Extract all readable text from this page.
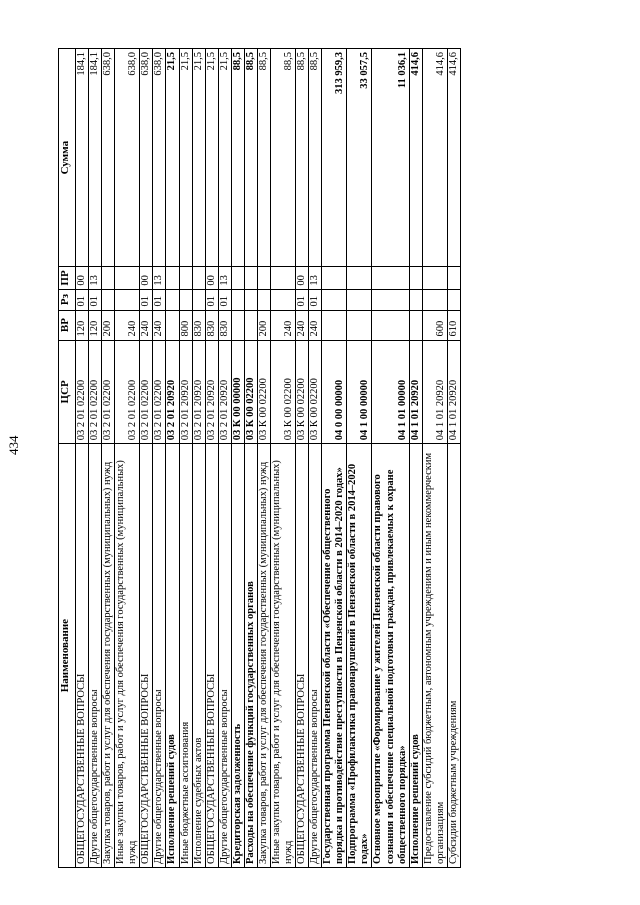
434
Наименование	ЦСР	ВР	Рз	ПР	Сумма
ОБЩЕГОСУДАРСТВЕННЫЕ ВОПРОСЫ	03 2 01 02200	120	01	00	184,1
Другие общегосударственные вопросы	03 2 01 02200	120	01	13	184,1
Закупка товаров, работ и услуг для обеспечения государственных (муниципальных) нужд	03 2 01 02200	200			638,0
Иные закупки товаров, работ и услуг для обеспечения государственных (муниципальных) нужд	03 2 01 02200	240			638,0
ОБЩЕГОСУДАРСТВЕННЫЕ ВОПРОСЫ	03 2 01 02200	240	01	00	638,0
Другие общегосударственные вопросы	03 2 01 02200	240	01	13	638,0
Исполнение решений судов	03 2 01 20920				21,5
Иные бюджетные ассигнования	03 2 01 20920	800			21,5
Исполнение судебных актов	03 2 01 20920	830			21,5
ОБЩЕГОСУДАРСТВЕННЫЕ ВОПРОСЫ	03 2 01 20920	830	01	00	21,5
Другие общегосударственные вопросы	03 2 01 20920	830	01	13	21,5
Кредиторская задолженность	03 К 00 00000				88,5
Расходы на обеспечение функций государственных органов	03 К 00 02200				88,5
Закупка товаров, работ и услуг для обеспечения государственных (муниципальных) нужд	03 К 00 02200	200			88,5
Иные закупки товаров, работ и услуг для обеспечения государственных (муниципальных) нужд	03 К 00 02200	240			88,5
ОБЩЕГОСУДАРСТВЕННЫЕ ВОПРОСЫ	03 К 00 02200	240	01	00	88,5
Другие общегосударственные вопросы	03 К 00 02200	240	01	13	88,5
Государственная программа Пензенской области «Обеспечение общественного порядка и противодействие преступности в Пензенской области в 2014–2020 годах»	04 0 00 00000				313 959,3
Подпрограмма «Профилактика правонарушений в Пензенской области в 2014–2020 годах»	04 1 00 00000				33 057,5
Основное мероприятие «Формирование у жителей Пензенской области правового сознания и обеспечение специальной подготовки граждан, привлекаемых к охране общественного порядка»	04 1 01 00000				11 036,1
Исполнение решений судов	04 1 01 20920				414,6
Предоставление субсидий бюджетным, автономным учреждениям и иным некоммерческим организациям	04 1 01 20920	600			414,6
Субсидии бюджетным учреждениям	04 1 01 20920	610			414,6
